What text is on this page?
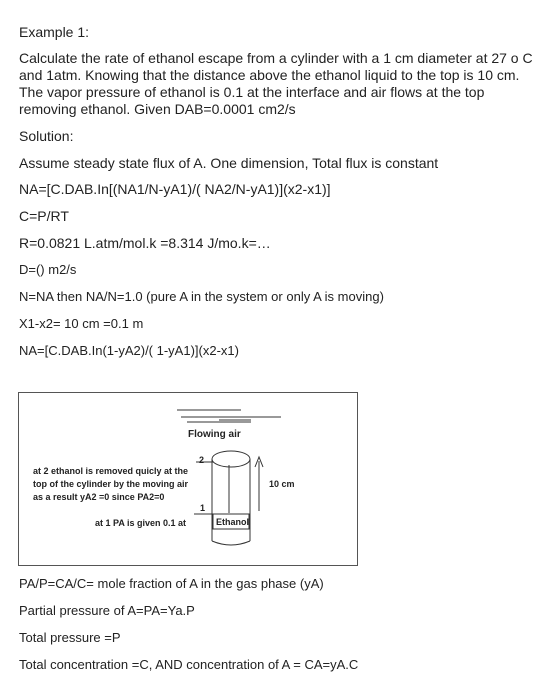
Example 1:
Calculate the rate of ethanol escape from a cylinder with a 1 cm diameter at 27 o C and 1atm. Knowing that the distance above the ethanol liquid to the top is 10 cm. The vapor pressure of ethanol is 0.1 at the interface and air flows at the top removing ethanol. Given DAB=0.0001 cm2/s
Solution:
Assume steady state flux of A. One dimension, Total flux is constant
NA=[C.DAB.In[(NA1/N-yA1)/( NA2/N-yA1)](x2-x1)]
C=P/RT
R=0.0821 L.atm/mol.k =8.314 J/mo.k=…
D=() m2/s
N=NA then NA/N=1.0 (pure A in the system or only A is moving)
X1-x2= 10 cm =0.1 m
NA=[C.DAB.In(1-yA2)/( 1-yA1)](x2-x1)
Flowing air
2
at 2 ethanol is removed quicly at the
top of the cylinder by the moving air
as a result yA2 =0 since PA2=0
1
at 1 PA is given 0.1 at	Ethanol
10 cm
PA/P=CA/C= mole fraction of A in the gas phase (yA)
Partial pressure of A=PA=Ya.P
Total pressure =P
Total concentration =C, AND concentration of A = CA=yA.C
